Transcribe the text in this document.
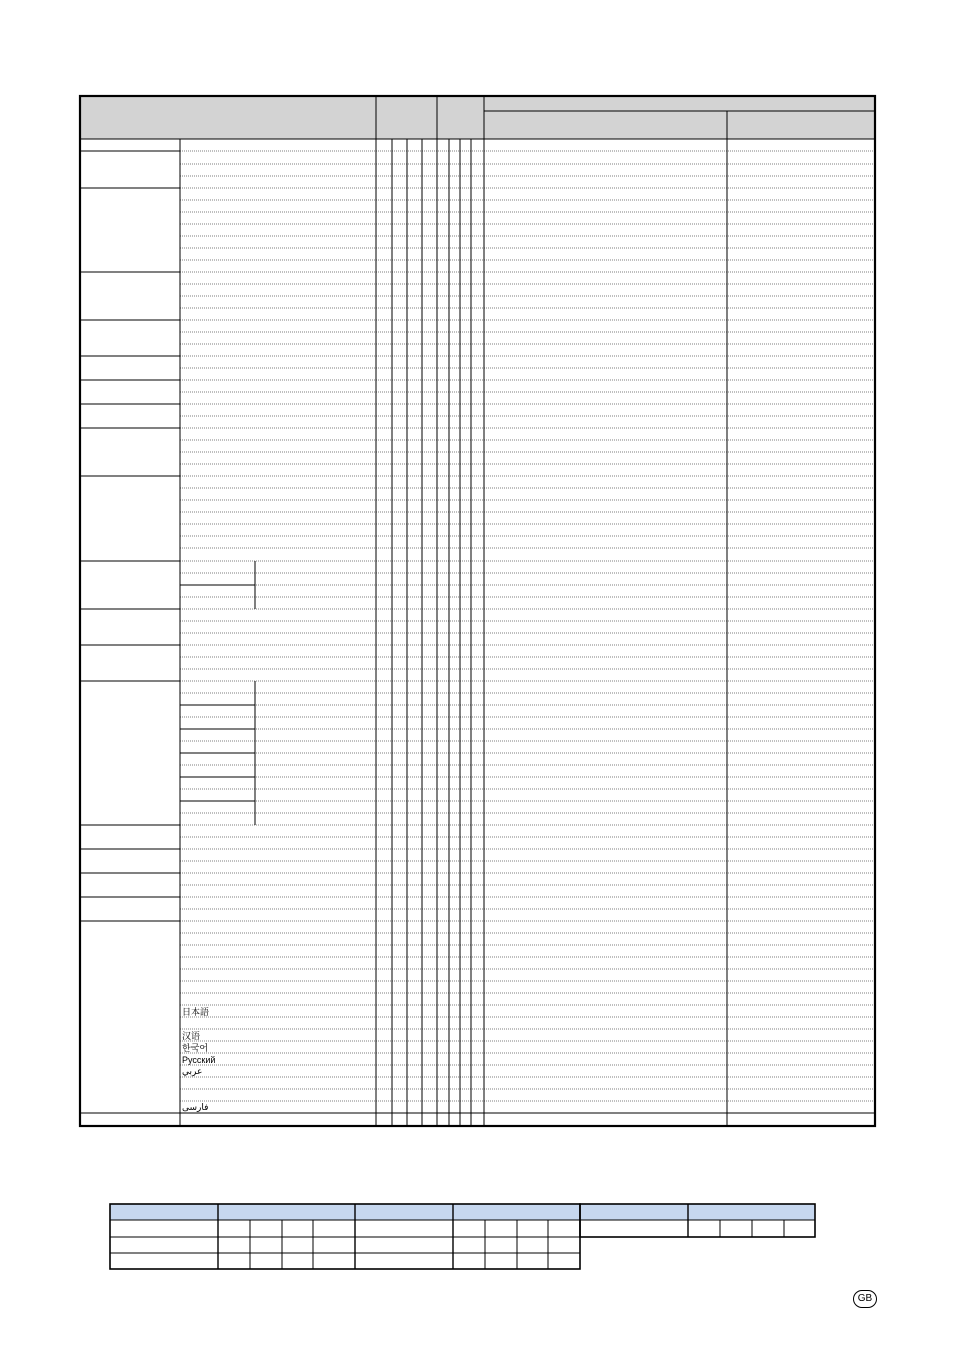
日本語
汉语
한국어
Русский
عربي
فارسی
GB
